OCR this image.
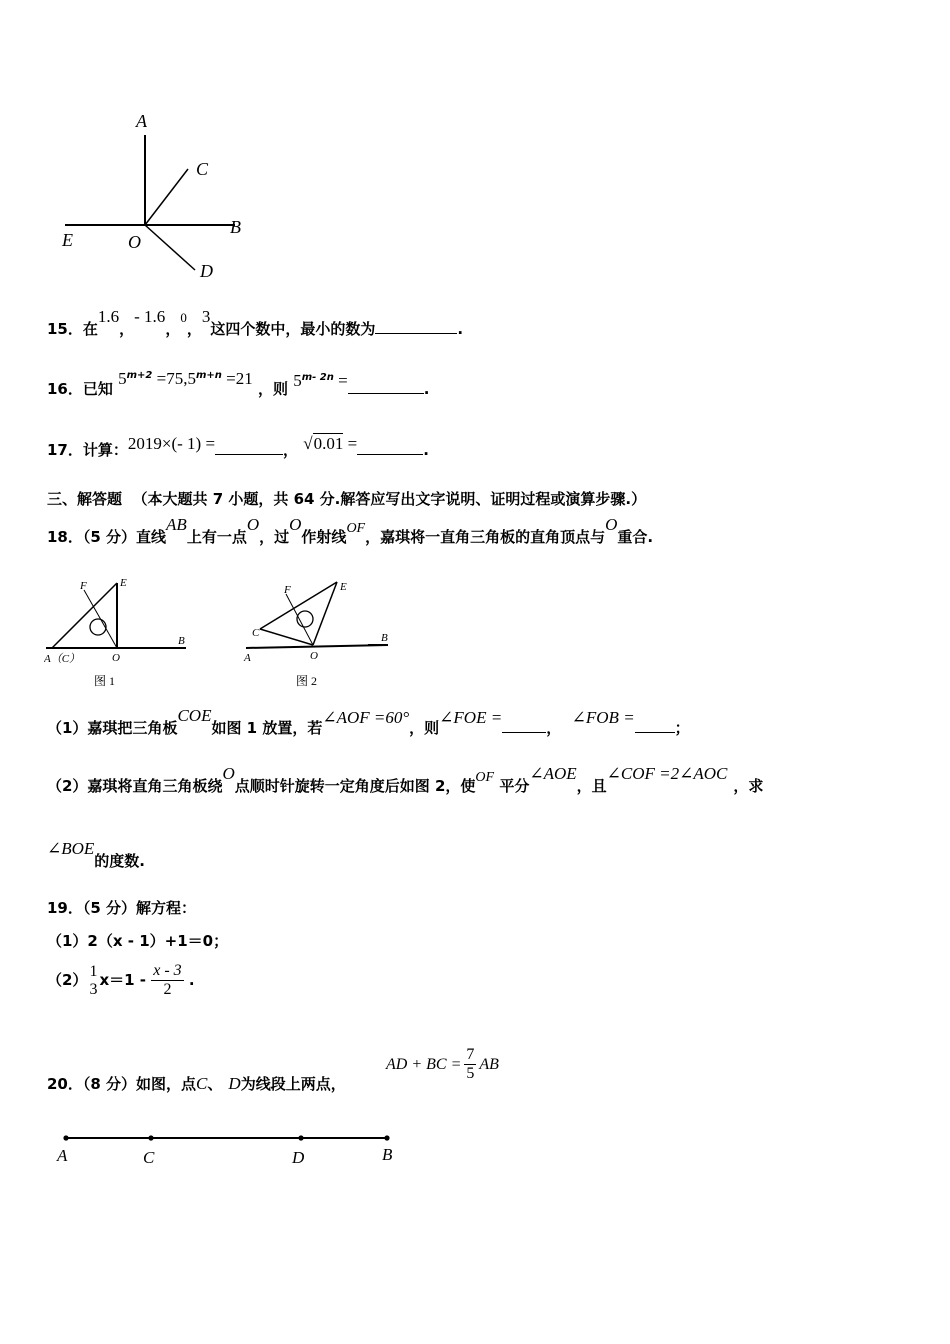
A
C
B
E	O
D
15．在1.6，- 1.6，0，3这四个数中，最小的数为	.
16．已知 $5^{m+2} =75,5^{m+n} =21$ ，则 $5^{m- 2n}$ =	.
17．计算：2019×(- 1) =	， √0.01 =	.
三、解答题 （本大题共 7 小题，共 64 分.解答应写出文字说明、证明过程或演算步骤.）
18．（5 分）直线AB上有一点O，过O作射线OF，嘉琪将一直角三角板的直角顶点与O重合.
F	E
A（C）	O
B
图 1
F	E
C	B
A	O
图 2
（1）嘉琪把三角板COE如图 1 放置，若∠AOF =60°，则∠FOE =，  ∠FOB =；
（2）嘉琪将直角三角板绕O点顺时针旋转一定角度后如图 2，使OF 平分∠AOE，且∠COF =2∠AOC，求
∠BOE的度数.
19．（5 分）解方程：
（1）2（x - 1）+1＝0；
（2） 1
3 $x=1 - \frac{x - 3}{2}$ .
20．（8 分）如图，点C、 D为线段上两点，
AD + BC = $\frac{7}{5}$ AB
A	C	D	B
